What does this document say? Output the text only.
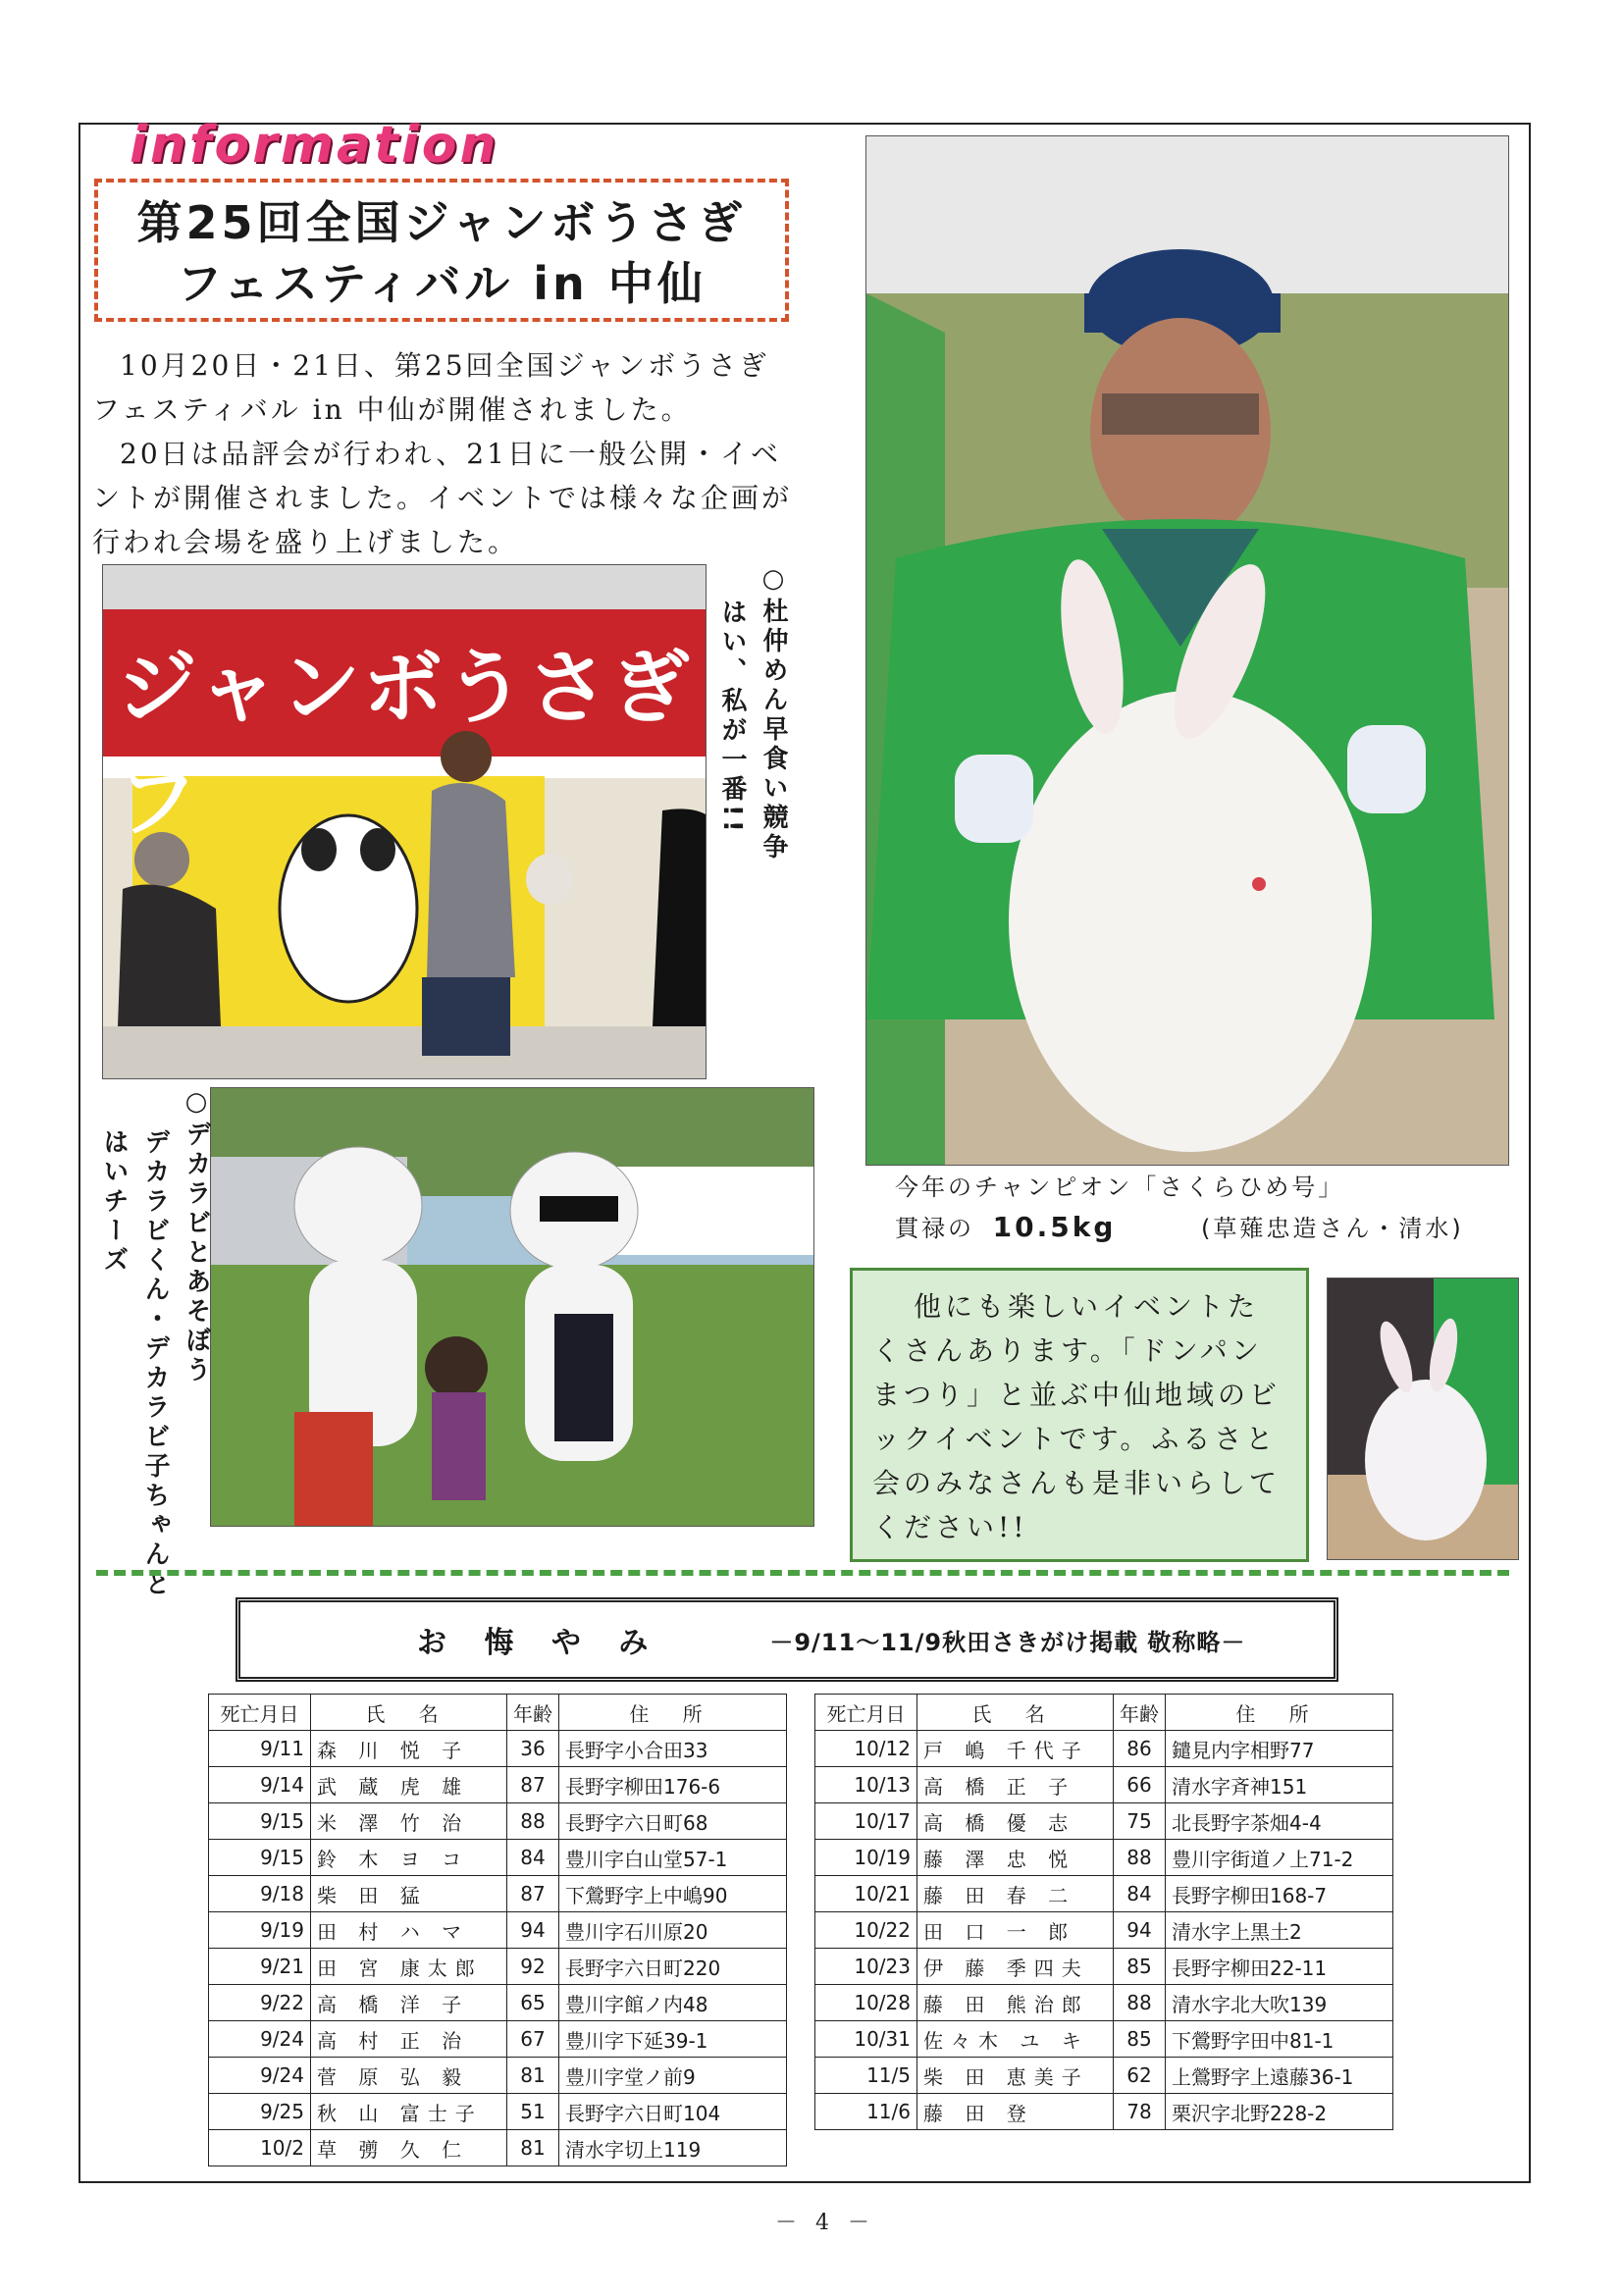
information
第25回全国ジャンボうさぎ
フェスティバル in 中仙

10月20日・21日、第25回全国ジャンボうさぎフェスティバル in 中仙が開催されました。

20日は品評会が行われ、21日に一般公開・イベントが開催されました。イベントでは様々な企画が行われ会場を盛り上げました。

ジャンボうさぎフ	○杜仲めん早食い競争
はい、私が一番!!
○デカラビとあそぼう
デカラビくん・デカラビ子ちゃんと
はいチーズ	今年のチャンピオン「さくらひめ号」
貫禄の 10.5kg	(草薙忠造さん・清水)

他にも楽しいイベントたくさんあります。「ドンパンまつり」と並ぶ中仙地域のビックイベントです。ふるさと会のみなさんも是非いらしてください!!

お 悔 や み	－9/11～11/9秋田さきがけ掲載 敬称略－
死亡月日	氏 名	年齢	住 所
9/11	森 川 悦 子	36	長野字小合田33
9/14	武 蔵 虎 雄	87	長野字柳田176-6
9/15	米 澤 竹 治	88	長野字六日町68
9/15	鈴 木 ヨ コ	84	豊川字白山堂57-1
9/18	柴 田 猛	87	下鶯野字上中嶋90
9/19	田 村 ハ マ	94	豊川字石川原20
9/21	田 宮 康太郎	92	長野字六日町220
9/22	高 橋 洋 子	65	豊川字館ノ内48
9/24	高 村 正 治	67	豊川字下延39-1
9/24	菅 原 弘 毅	81	豊川字堂ノ前9
9/25	秋 山 富士子	51	長野字六日町104
10/2	草 彅 久 仁	81	清水字切上119
死亡月日	氏 名	年齢	住 所
10/12	戸 嶋 千代子	86	鑓見内字相野77
10/13	高 橋 正 子	66	清水字斉神151
10/17	高 橋 優 志	75	北長野字茶畑4-4
10/19	藤 澤 忠 悦	88	豊川字街道ノ上71-2
10/21	藤 田 春 二	84	長野字柳田168-7
10/22	田 口 一 郎	94	清水字上黒土2
10/23	伊 藤 季四夫	85	長野字柳田22-11
10/28	藤 田 熊治郎	88	清水字北大吹139
10/31	佐々木 ユ キ	85	下鶯野字田中81-1
11/5	柴 田 恵美子	62	上鶯野字上遠藤36-1
11/6	藤 田 登	78	栗沢字北野228-2
－ 4 －
